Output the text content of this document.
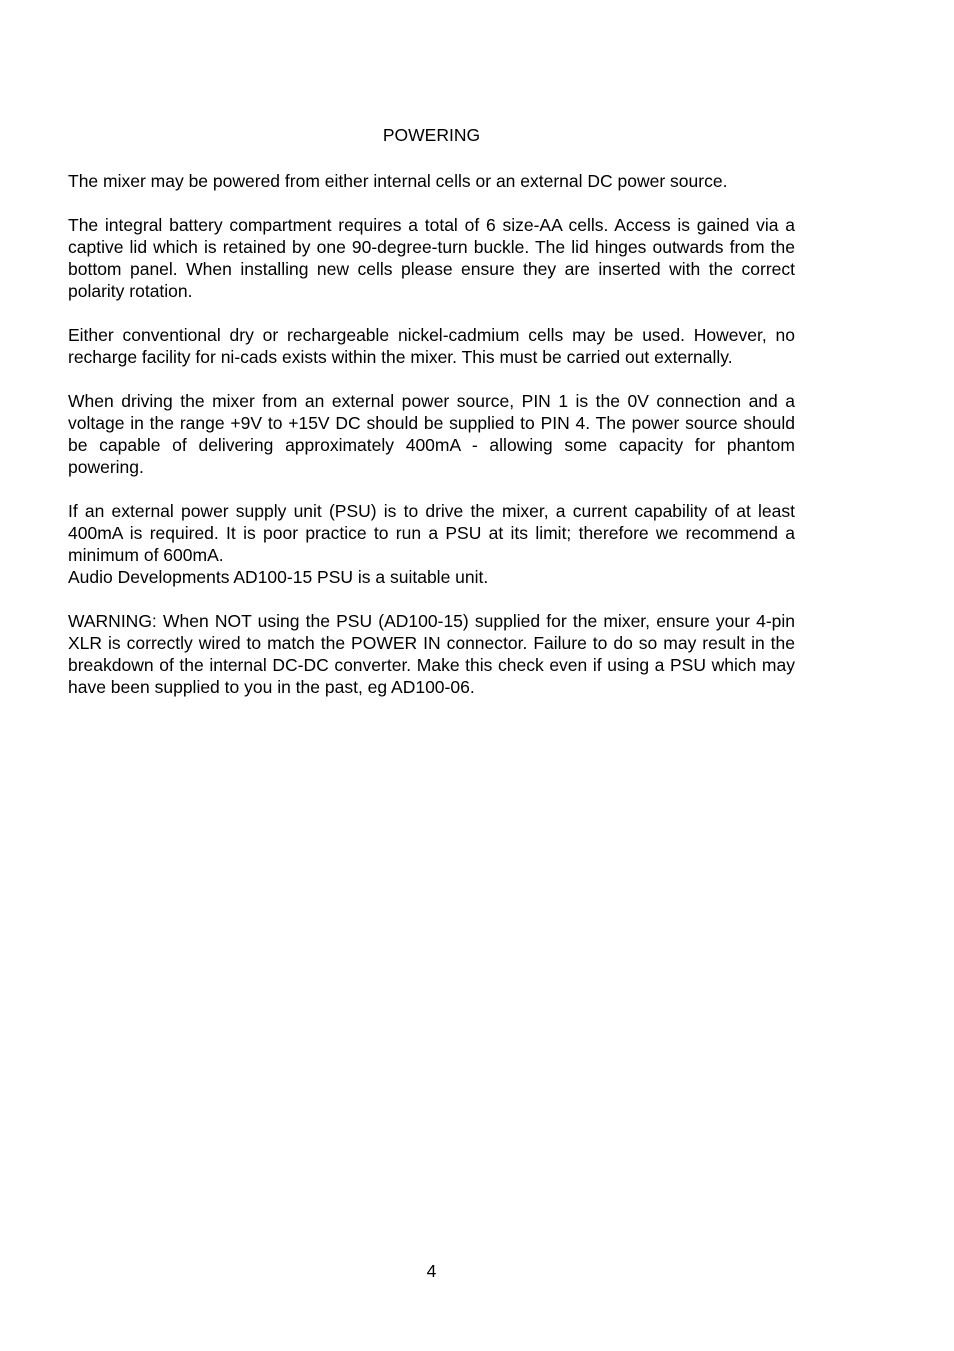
POWERING

The mixer may be powered from either internal cells or an external DC power source.

The integral battery compartment requires a total of 6 size-AA cells. Access is gained via a captive lid which is retained by one 90-degree-turn buckle. The lid hinges outwards from the bottom panel. When installing new cells please ensure they are inserted with the correct polarity rotation.

Either conventional dry or rechargeable nickel-cadmium cells may be used. However, no recharge facility for ni-cads exists within the mixer. This must be carried out externally.

When driving the mixer from an external power source, PIN 1 is the 0V connection and a voltage in the range +9V to +15V DC should be supplied to PIN 4. The power source should be capable of delivering approximately 400mA - allowing some capacity for phantom powering.

If an external power supply unit (PSU) is to drive the mixer, a current capability of at least 400mA is required. It is poor practice to run a PSU at its limit; therefore we recommend a minimum of 600mA.

Audio Developments AD100-15 PSU is a suitable unit.

WARNING: When NOT using the PSU (AD100-15) supplied for the mixer, ensure your 4-pin XLR is correctly wired to match the POWER IN connector. Failure to do so may result in the breakdown of the internal DC-DC converter. Make this check even if using a PSU which may have been supplied to you in the past, eg AD100-06.

4
